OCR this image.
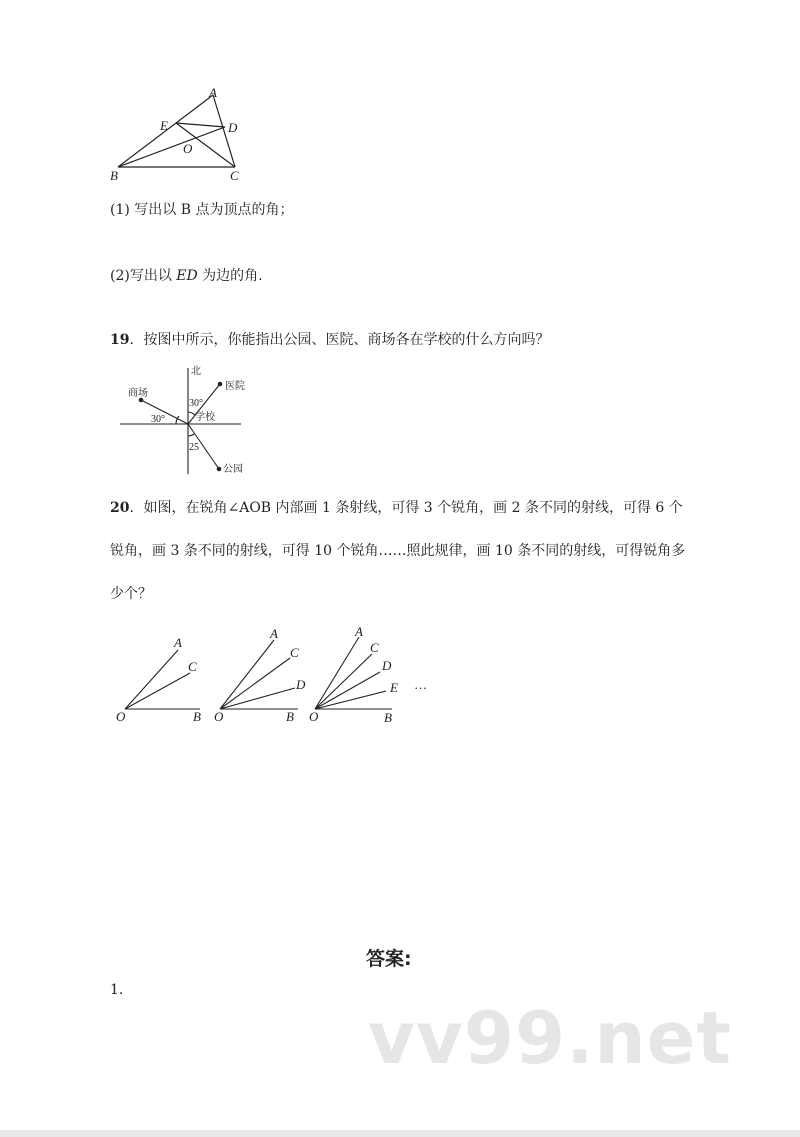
A
E	D
O
B	C
(1) 写出以 B 点为顶点的角；
(2)写出以 ED 为边的角.
19．按图中所示，你能指出公园、医院、商场各在学校的什么方向吗？
北
医院
商场
学校
公园
30°
30°
25
20．如图，在锐角∠AOB 内部画 1 条射线，可得 3 个锐角，画 2 条不同的射线，可得 6 个
锐角，画 3 条不同的射线，可得 10 个锐角……照此规律，画 10 条不同的射线，可得锐角多
少个？
A
C
O	B
A
C
D
O	B
A
C
D
E
O	B
…
答案:
1.
vv99.net
